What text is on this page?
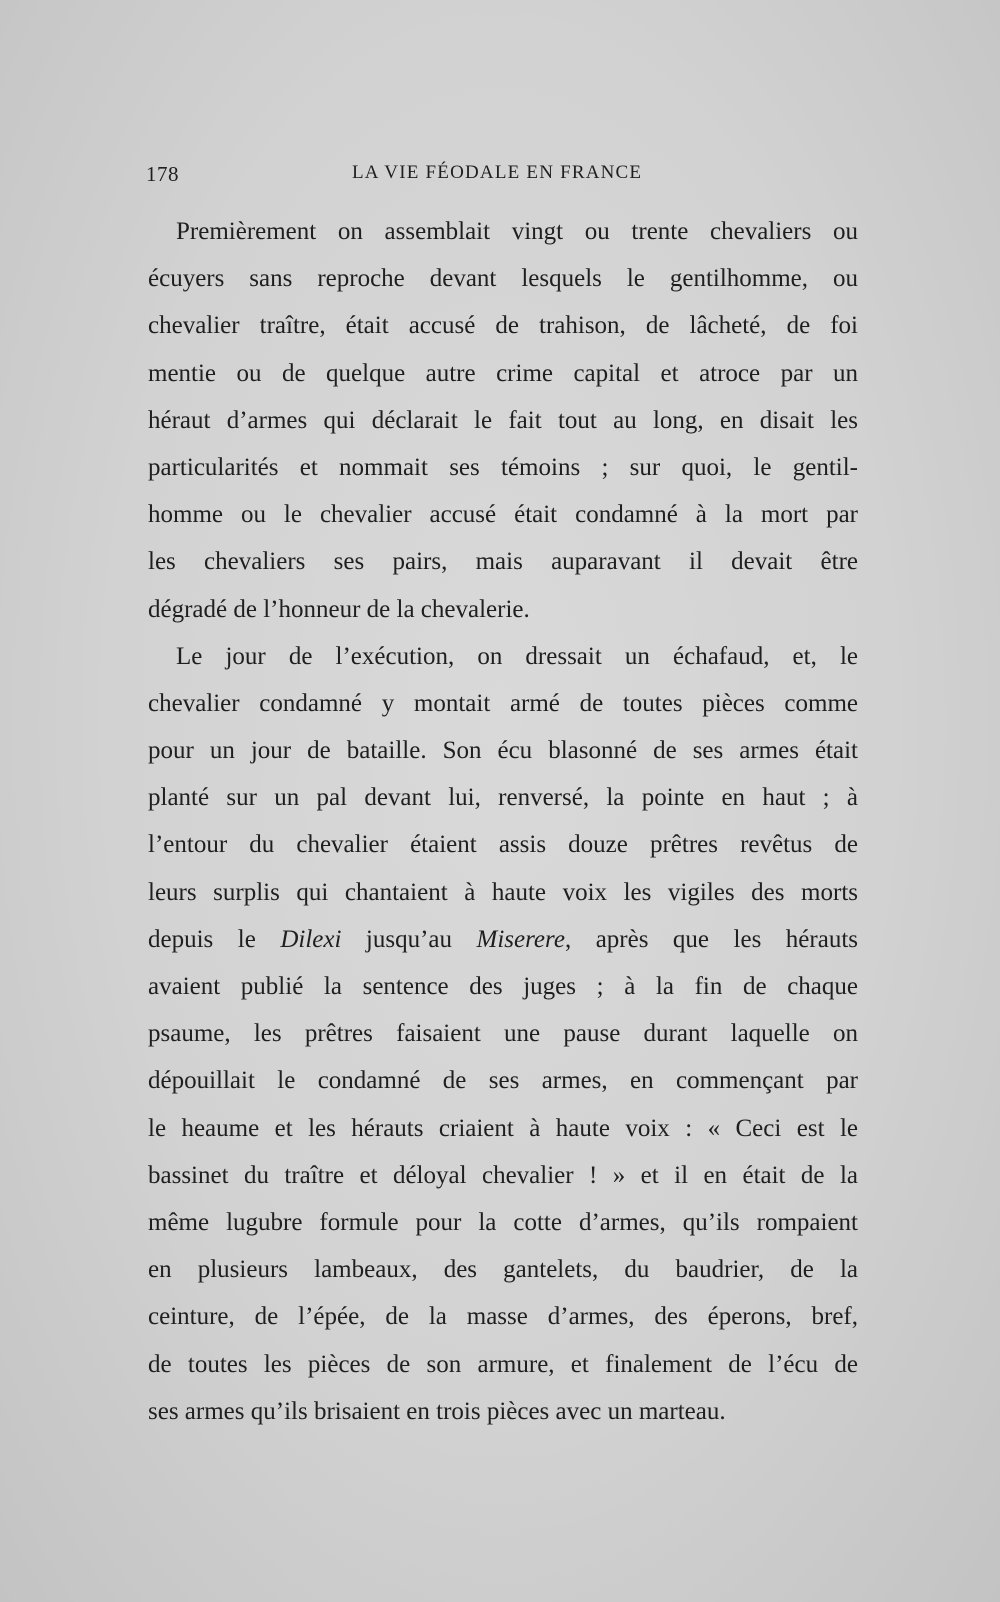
178	LA VIE FÉODALE EN FRANCE
Premièrement on assemblait vingt ou trente chevaliers ou
écuyers sans reproche devant lesquels le gentilhomme, ou
chevalier traître, était accusé de trahison, de lâcheté, de foi
mentie ou de quelque autre crime capital et atroce par un
héraut d’armes qui déclarait le fait tout au long, en disait les
particularités et nommait ses témoins ; sur quoi, le gentil-
homme ou le chevalier accusé était condamné à la mort par
les chevaliers ses pairs, mais auparavant il devait être
dégradé de l’honneur de la chevalerie.
Le jour de l’exécution, on dressait un échafaud, et, le
chevalier condamné y montait armé de toutes pièces comme
pour un jour de bataille. Son écu blasonné de ses armes était
planté sur un pal devant lui, renversé, la pointe en haut ; à
l’entour du chevalier étaient assis douze prêtres revêtus de
leurs surplis qui chantaient à haute voix les vigiles des morts
depuis le Dilexi jusqu’au Miserere, après que les hérauts
avaient publié la sentence des juges ; à la fin de chaque
psaume, les prêtres faisaient une pause durant laquelle on
dépouillait le condamné de ses armes, en commençant par
le heaume et les hérauts criaient à haute voix : « Ceci est le
bassinet du traître et déloyal chevalier ! » et il en était de la
même lugubre formule pour la cotte d’armes, qu’ils rompaient
en plusieurs lambeaux, des gantelets, du baudrier, de la
ceinture, de l’épée, de la masse d’armes, des éperons, bref,
de toutes les pièces de son armure, et finalement de l’écu de
ses armes qu’ils brisaient en trois pièces avec un marteau.
